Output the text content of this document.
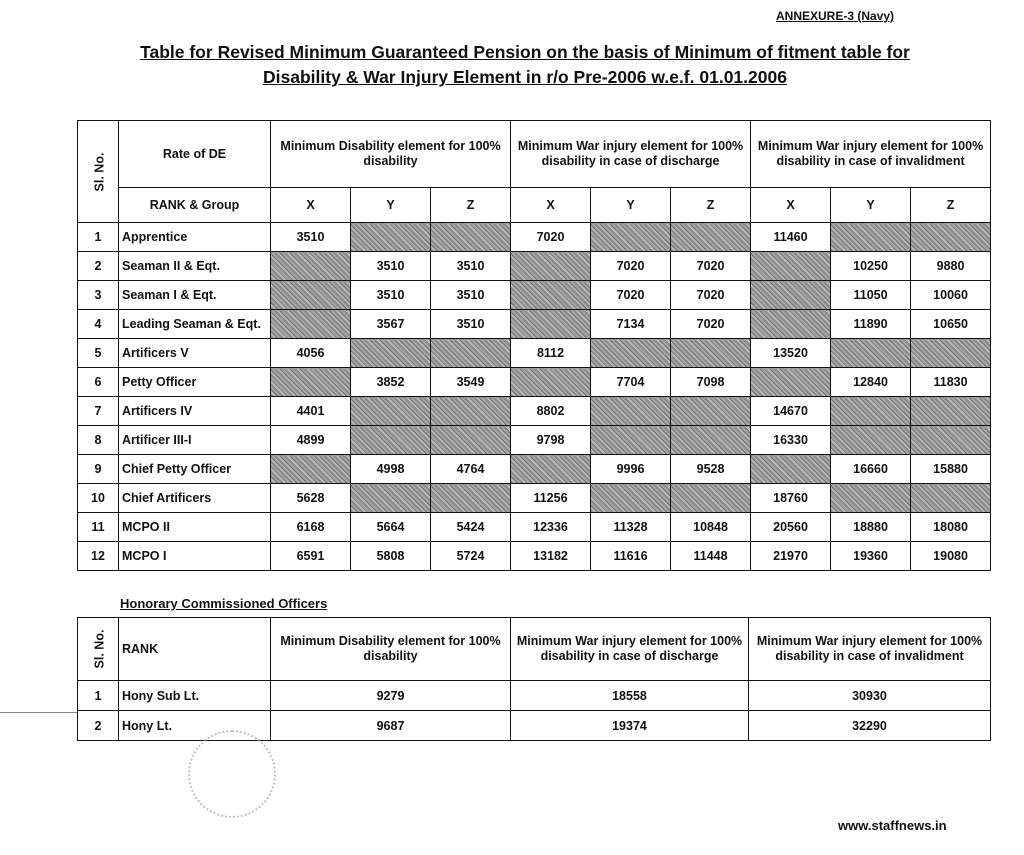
ANNEXURE-3 (Navy)
Table for Revised Minimum Guaranteed Pension on the basis of Minimum of fitment table for
Disability & War Injury Element in r/o Pre-2006 w.e.f. 01.01.2006
Sl. No.	Rate of DE	Minimum Disability element for 100% disability			Minimum War injury element for 100% disability in case of discharge			Minimum War injury element for 100% disability in case of invalidment		
	RANK & Group	X	Y	Z	X	Y	Z	X	Y	Z
1	Apprentice	3510			7020			11460		
2	Seaman II & Eqt.		3510	3510		7020	7020		10250	9880
3	Seaman I & Eqt.		3510	3510		7020	7020		11050	10060
4	Leading Seaman & Eqt.		3567	3510		7134	7020		11890	10650
5	Artificers V	4056			8112			13520		
6	Petty Officer		3852	3549		7704	7098		12840	11830
7	Artificers IV	4401			8802			14670		
8	Artificer III-I	4899			9798			16330		
9	Chief Petty Officer		4998	4764		9996	9528		16660	15880
10	Chief Artificers	5628			11256			18760		
11	MCPO II	6168	5664	5424	12336	11328	10848	20560	18880	18080
12	MCPO I	6591	5808	5724	13182	11616	11448	21970	19360	19080
Honorary Commissioned Officers
Sl. No.	RANK	Minimum Disability element for 100% disability	Minimum War injury element for 100% disability in case of discharge	Minimum War injury element for 100% disability in case of invalidment
1	Hony Sub Lt.	9279	18558	30930
2	Hony Lt.	9687	19374	32290
www.staffnews.in
